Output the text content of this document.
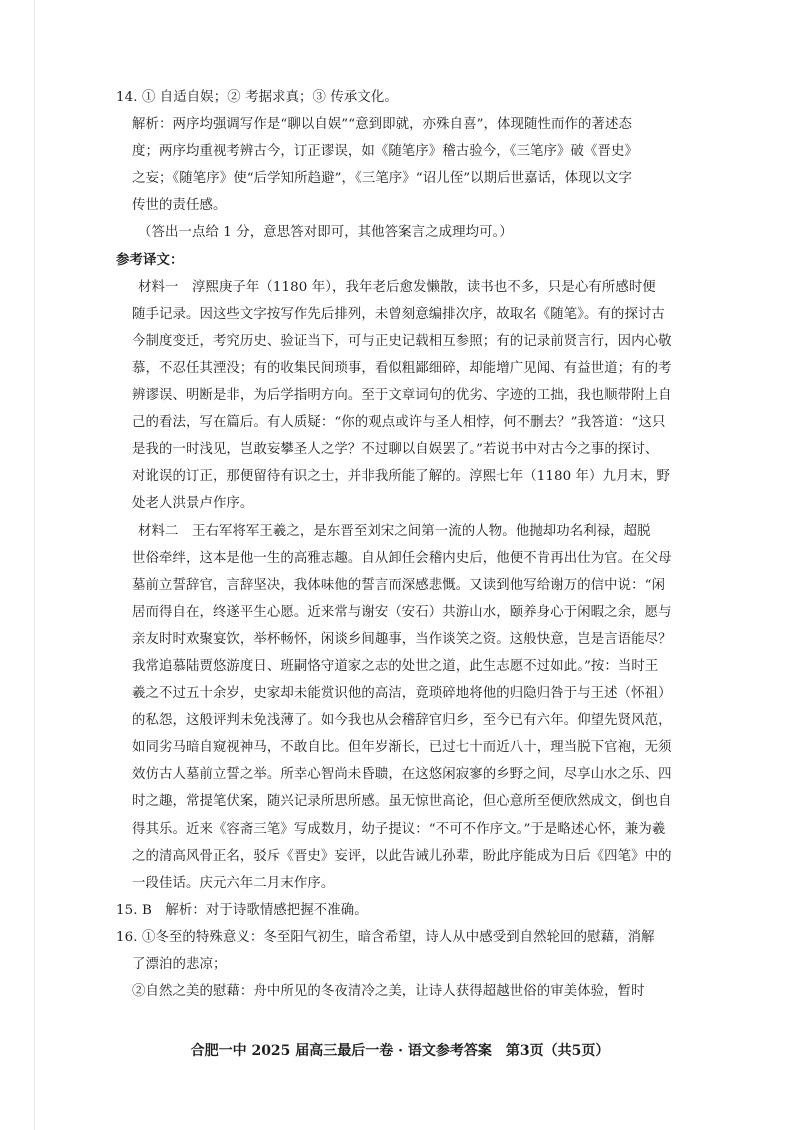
14. ① 自适自娱；② 考据求真；③ 传承文化。
解析：两序均强调写作是“聊以自娱”“意到即就，亦殊自喜”，体现随性而作的著述态
度；两序均重视考辨古今，订正谬误，如《随笔序》稽古验今，《三笔序》破《晋史》
之妄；《随笔序》使“后学知所趋避”，《三笔序》“诏儿侄”以期后世嘉话，体现以文字
传世的责任感。
（答出一点给 1 分，意思答对即可，其他答案言之成理均可。）
参考译文：
材料一　淳熙庚子年（1180 年），我年老后愈发懒散，读书也不多，只是心有所感时便
随手记录。因这些文字按写作先后排列，未曾刻意编排次序，故取名《随笔》。有的探讨古
今制度变迁，考究历史、验证当下，可与正史记载相互参照；有的记录前贤言行，因内心敬
慕，不忍任其湮没；有的收集民间琐事，看似粗鄙细碎，却能增广见闻、有益世道；有的考
辨谬误、明断是非，为后学指明方向。至于文章词句的优劣、字迹的工拙，我也顺带附上自
己的看法，写在篇后。有人质疑：“你的观点或许与圣人相悖，何不删去？”我答道：“这只
是我的一时浅见，岂敢妄攀圣人之学？不过聊以自娱罢了。”若说书中对古今之事的探讨、
对讹误的订正，那便留待有识之士，并非我所能了解的。淳熙七年（1180 年）九月末，野
处老人洪景卢作序。
材料二　王右军将军王羲之，是东晋至刘宋之间第一流的人物。他抛却功名利禄，超脱
世俗牵绊，这本是他一生的高雅志趣。自从卸任会稽内史后，他便不肯再出仕为官。在父母
墓前立誓辞官，言辞坚决，我体味他的誓言而深感悲慨。又读到他写给谢万的信中说：“闲
居而得自在，终遂平生心愿。近来常与谢安（安石）共游山水，颐养身心于闲暇之余，愿与
亲友时时欢聚宴饮，举杯畅怀，闲谈乡间趣事，当作谈笑之资。这般快意，岂是言语能尽？
我常追慕陆贾悠游度日、班嗣恪守道家之志的处世之道，此生志愿不过如此。”按：当时王
羲之不过五十余岁，史家却未能赏识他的高洁，竟琐碎地将他的归隐归咎于与王述（怀祖）
的私怨，这般评判未免浅薄了。如今我也从会稽辞官归乡，至今已有六年。仰望先贤风范，
如同劣马暗自窥视神马，不敢自比。但年岁渐长，已过七十而近八十，理当脱下官袍，无须
效仿古人墓前立誓之举。所幸心智尚未昏聩，在这悠闲寂寥的乡野之间，尽享山水之乐、四
时之趣，常提笔伏案，随兴记录所思所感。虽无惊世高论，但心意所至便欣然成文，倒也自
得其乐。近来《容斋三笔》写成数月，幼子提议：“不可不作序文。”于是略述心怀，兼为羲
之的清高风骨正名，驳斥《晋史》妄评，以此告诫儿孙辈，盼此序能成为日后《四笔》中的
一段佳话。庆元六年二月末作序。
15. B　解析：对于诗歌情感把握不准确。
16. ①冬至的特殊意义：冬至阳气初生，暗含希望，诗人从中感受到自然轮回的慰藉，消解
了漂泊的悲凉；
②自然之美的慰藉：舟中所见的冬夜清冷之美，让诗人获得超越世俗的审美体验，暂时
合肥一中 2025 届高三最后一卷 · 语文参考答案　第3页（共5页）
